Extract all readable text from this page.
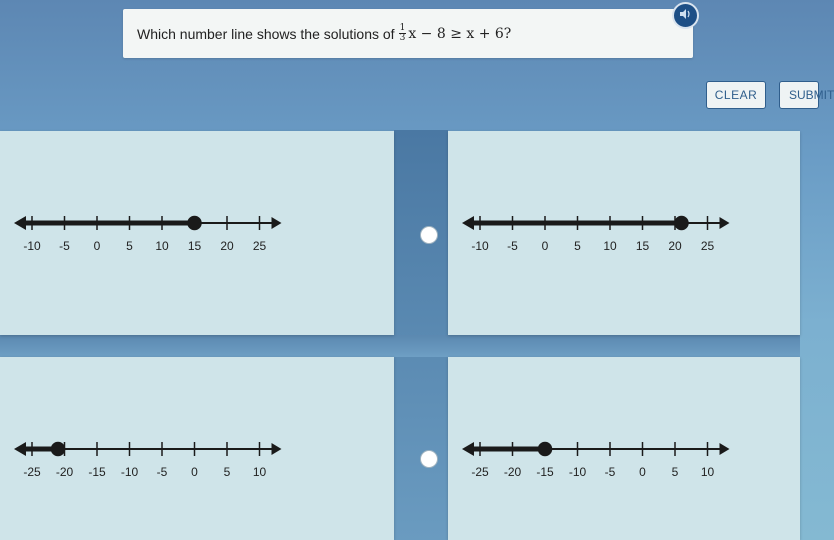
Which number line shows the solutions of $\frac{1}{3}$ x − 8 ≥ x + 6?
CLEAR	SUBMIT
-10 -5 0 5 10 15 20 25	-10 -5 0 5 10 15 20 25
-25 -20 -15 -10 -5 0 5 10	-25 -20 -15 -10 -5 0 5 10
